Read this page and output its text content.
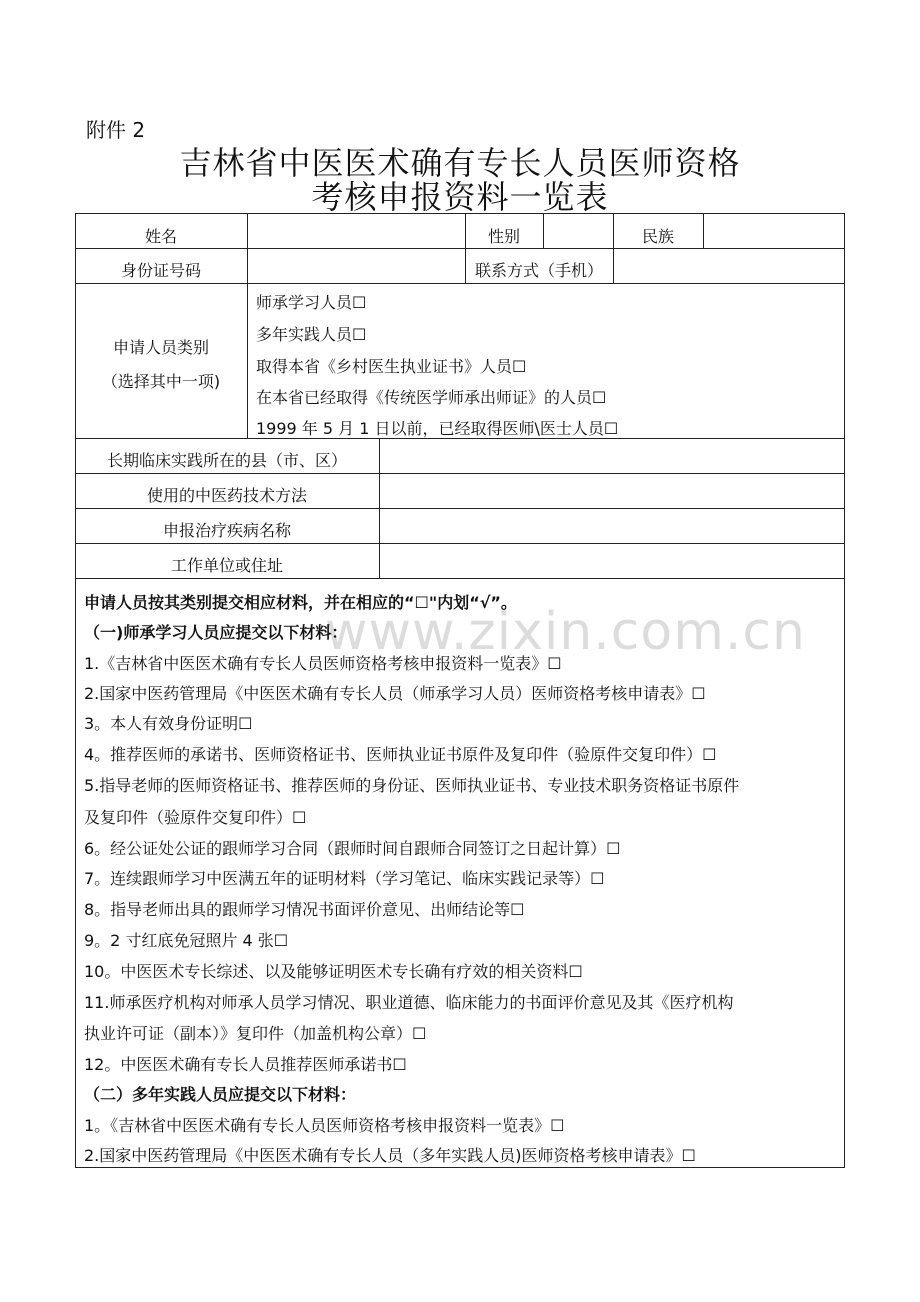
附件 2
吉林省中医医术确有专长人员医师资格
考核申报资料一览表
姓名	性别	民族
身份证号码	联系方式（手机）
申请人员类别
（选择其中一项)
师承学习人员☐
多年实践人员☐
取得本省《乡村医生执业证书》人员☐
在本省已经取得《传统医学师承出师证》的人员☐
1999 年 5 月 1 日以前，已经取得医师\医士人员☐
长期临床实践所在的县（市、区）
使用的中医药技术方法
申报治疗疾病名称
工作单位或住址
www.zixin.com.cn
申请人员按其类别提交相应材料，并在相应的“☐"内划“√”。
（一)师承学习人员应提交以下材料：
1.《吉林省中医医术确有专长人员医师资格考核申报资料一览表》☐
2.国家中医药管理局《中医医术确有专长人员（师承学习人员）医师资格考核申请表》☐
3。本人有效身份证明☐
4。推荐医师的承诺书、医师资格证书、医师执业证书原件及复印件（验原件交复印件）☐
5.指导老师的医师资格证书、推荐医师的身份证、医师执业证书、专业技术职务资格证书原件
及复印件（验原件交复印件）☐
6。经公证处公证的跟师学习合同（跟师时间自跟师合同签订之日起计算）☐
7。连续跟师学习中医满五年的证明材料（学习笔记、临床实践记录等）☐
8。指导老师出具的跟师学习情况书面评价意见、出师结论等☐
9。2 寸红底免冠照片 4 张☐
10。中医医术专长综述、以及能够证明医术专长确有疗效的相关资料☐
11.师承医疗机构对师承人员学习情况、职业道德、临床能力的书面评价意见及其《医疗机构
执业许可证（副本）》复印件（加盖机构公章）☐
12。中医医术确有专长人员推荐医师承诺书☐
（二）多年实践人员应提交以下材料：
1。《吉林省中医医术确有专长人员医师资格考核申报资料一览表》☐
2.国家中医药管理局《中医医术确有专长人员（多年实践人员)医师资格考核申请表》☐
